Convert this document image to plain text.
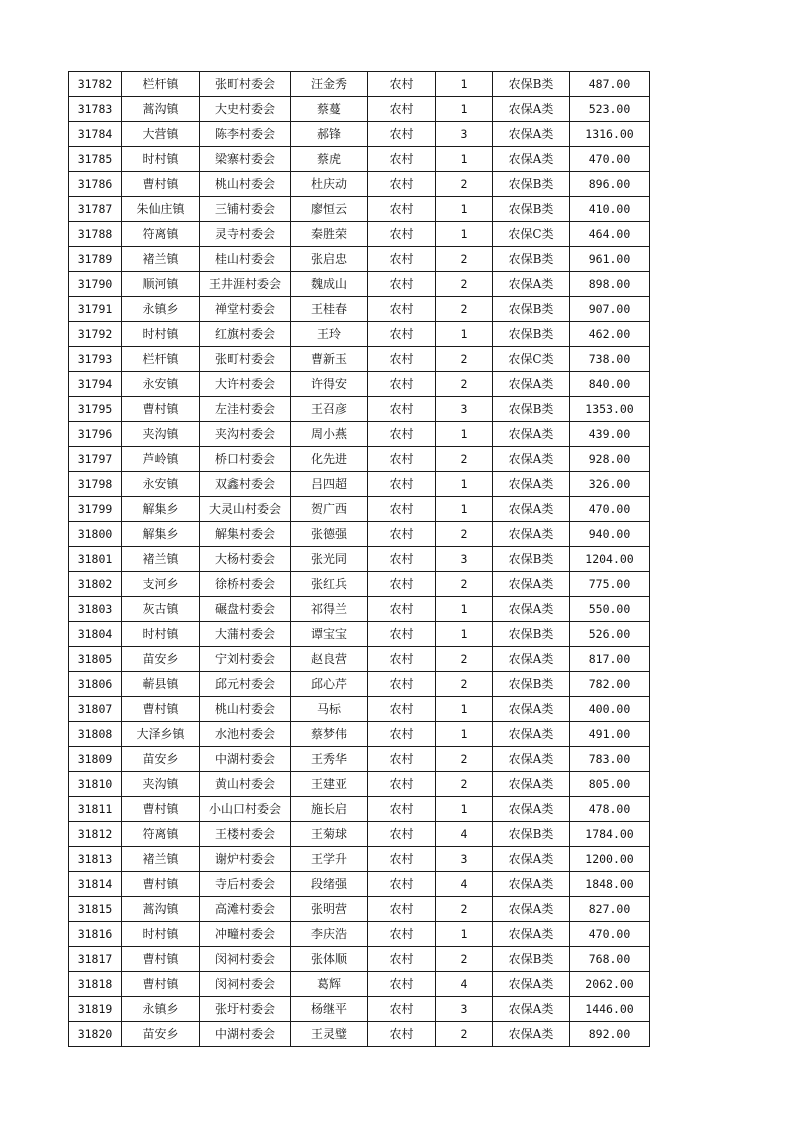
31782	栏杆镇	张町村委会	汪金秀	农村	1	农保B类	487.00
31783	蒿沟镇	大史村委会	蔡蔓	农村	1	农保A类	523.00
31784	大营镇	陈李村委会	郝锋	农村	3	农保A类	1316.00
31785	时村镇	梁寨村委会	蔡虎	农村	1	农保A类	470.00
31786	曹村镇	桃山村委会	杜庆动	农村	2	农保B类	896.00
31787	朱仙庄镇	三铺村委会	廖恒云	农村	1	农保B类	410.00
31788	符离镇	灵寺村委会	秦胜荣	农村	1	农保C类	464.00
31789	褚兰镇	桂山村委会	张启忠	农村	2	农保B类	961.00
31790	顺河镇	王井涯村委会	魏成山	农村	2	农保A类	898.00
31791	永镇乡	禅堂村委会	王桂春	农村	2	农保B类	907.00
31792	时村镇	红旗村委会	王玲	农村	1	农保B类	462.00
31793	栏杆镇	张町村委会	曹新玉	农村	2	农保C类	738.00
31794	永安镇	大许村委会	许得安	农村	2	农保A类	840.00
31795	曹村镇	左洼村委会	王召彦	农村	3	农保B类	1353.00
31796	夹沟镇	夹沟村委会	周小燕	农村	1	农保A类	439.00
31797	芦岭镇	桥口村委会	化先进	农村	2	农保A类	928.00
31798	永安镇	双鑫村委会	吕四超	农村	1	农保A类	326.00
31799	解集乡	大灵山村委会	贺广西	农村	1	农保A类	470.00
31800	解集乡	解集村委会	张德强	农村	2	农保A类	940.00
31801	褚兰镇	大杨村委会	张光同	农村	3	农保B类	1204.00
31802	支河乡	徐桥村委会	张红兵	农村	2	农保A类	775.00
31803	灰古镇	碾盘村委会	祁得兰	农村	1	农保A类	550.00
31804	时村镇	大蒲村委会	谭宝宝	农村	1	农保B类	526.00
31805	苗安乡	宁刘村委会	赵良营	农村	2	农保A类	817.00
31806	蕲县镇	邱元村委会	邱心芹	农村	2	农保B类	782.00
31807	曹村镇	桃山村委会	马标	农村	1	农保A类	400.00
31808	大泽乡镇	水池村委会	蔡梦伟	农村	1	农保A类	491.00
31809	苗安乡	中湖村委会	王秀华	农村	2	农保A类	783.00
31810	夹沟镇	黄山村委会	王建亚	农村	2	农保A类	805.00
31811	曹村镇	小山口村委会	施长启	农村	1	农保A类	478.00
31812	符离镇	王楼村委会	王菊球	农村	4	农保B类	1784.00
31813	褚兰镇	谢炉村委会	王学升	农村	3	农保A类	1200.00
31814	曹村镇	寺后村委会	段绪强	农村	4	农保A类	1848.00
31815	蒿沟镇	高滩村委会	张明营	农村	2	农保A类	827.00
31816	时村镇	冲疃村委会	李庆浩	农村	1	农保A类	470.00
31817	曹村镇	闵祠村委会	张体顺	农村	2	农保B类	768.00
31818	曹村镇	闵祠村委会	葛辉	农村	4	农保A类	2062.00
31819	永镇乡	张圩村委会	杨继平	农村	3	农保A类	1446.00
31820	苗安乡	中湖村委会	王灵璧	农村	2	农保A类	892.00
